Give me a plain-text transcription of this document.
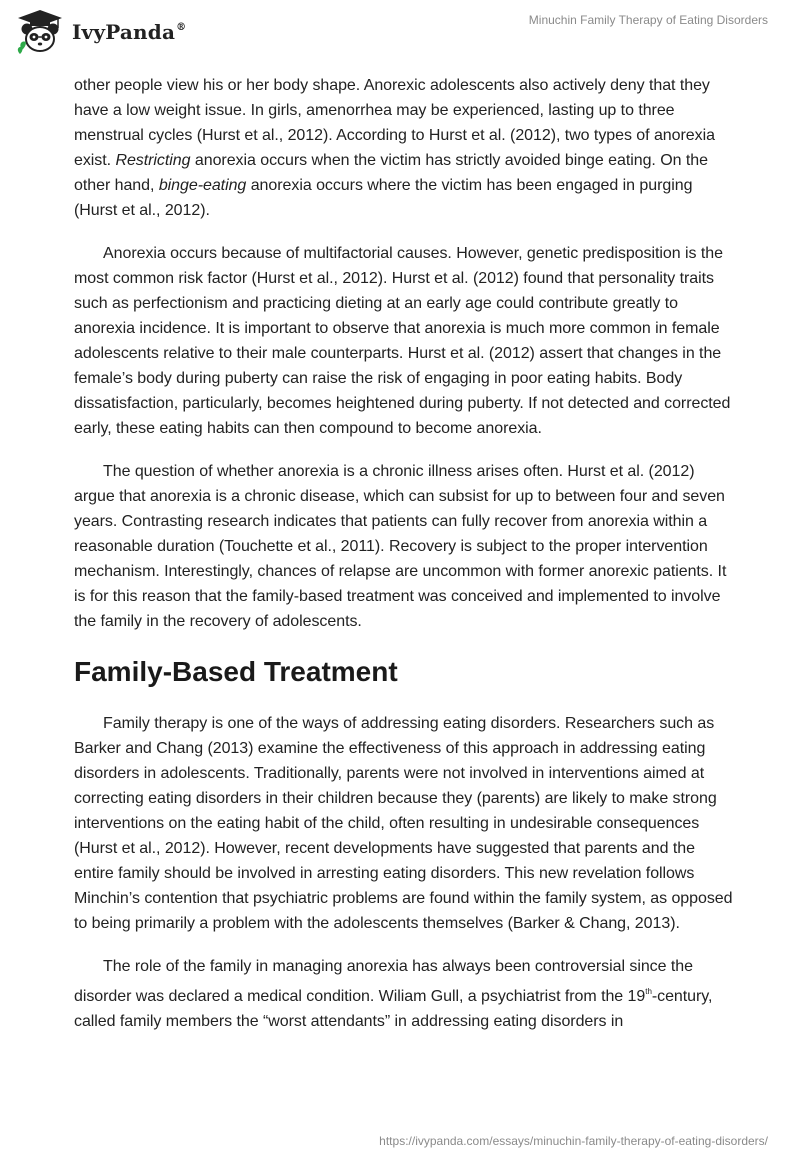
IvyPanda®
Minuchin Family Therapy of Eating Disorders

other people view his or her body shape. Anorexic adolescents also actively deny that they have a low weight issue. In girls, amenorrhea may be experienced, lasting up to three menstrual cycles (Hurst et al., 2012). According to Hurst et al. (2012), two types of anorexia exist. Restricting anorexia occurs when the victim has strictly avoided binge eating. On the other hand, binge-eating anorexia occurs where the victim has been engaged in purging (Hurst et al., 2012).

Anorexia occurs because of multifactorial causes. However, genetic predisposition is the most common risk factor (Hurst et al., 2012). Hurst et al. (2012) found that personality traits such as perfectionism and practicing dieting at an early age could contribute greatly to anorexia incidence. It is important to observe that anorexia is much more common in female adolescents relative to their male counterparts. Hurst et al. (2012) assert that changes in the female’s body during puberty can raise the risk of engaging in poor eating habits. Body dissatisfaction, particularly, becomes heightened during puberty. If not detected and corrected early, these eating habits can then compound to become anorexia.

The question of whether anorexia is a chronic illness arises often. Hurst et al. (2012) argue that anorexia is a chronic disease, which can subsist for up to between four and seven years. Contrasting research indicates that patients can fully recover from anorexia within a reasonable duration (Touchette et al., 2011). Recovery is subject to the proper intervention mechanism. Interestingly, chances of relapse are uncommon with former anorexic patients. It is for this reason that the family-based treatment was conceived and implemented to involve the family in the recovery of adolescents.

Family-Based Treatment

Family therapy is one of the ways of addressing eating disorders. Researchers such as Barker and Chang (2013) examine the effectiveness of this approach in addressing eating disorders in adolescents. Traditionally, parents were not involved in interventions aimed at correcting eating disorders in their children because they (parents) are likely to make strong interventions on the eating habit of the child, often resulting in undesirable consequences (Hurst et al., 2012). However, recent developments have suggested that parents and the entire family should be involved in arresting eating disorders. This new revelation follows Minchin’s contention that psychiatric problems are found within the family system, as opposed to being primarily a problem with the adolescents themselves (Barker & Chang, 2013).

The role of the family in managing anorexia has always been controversial since the disorder was declared a medical condition. Wiliam Gull, a psychiatrist from the 19th-century, called family members the “worst attendants” in addressing eating disorders in

https://ivypanda.com/essays/minuchin-family-therapy-of-eating-disorders/
